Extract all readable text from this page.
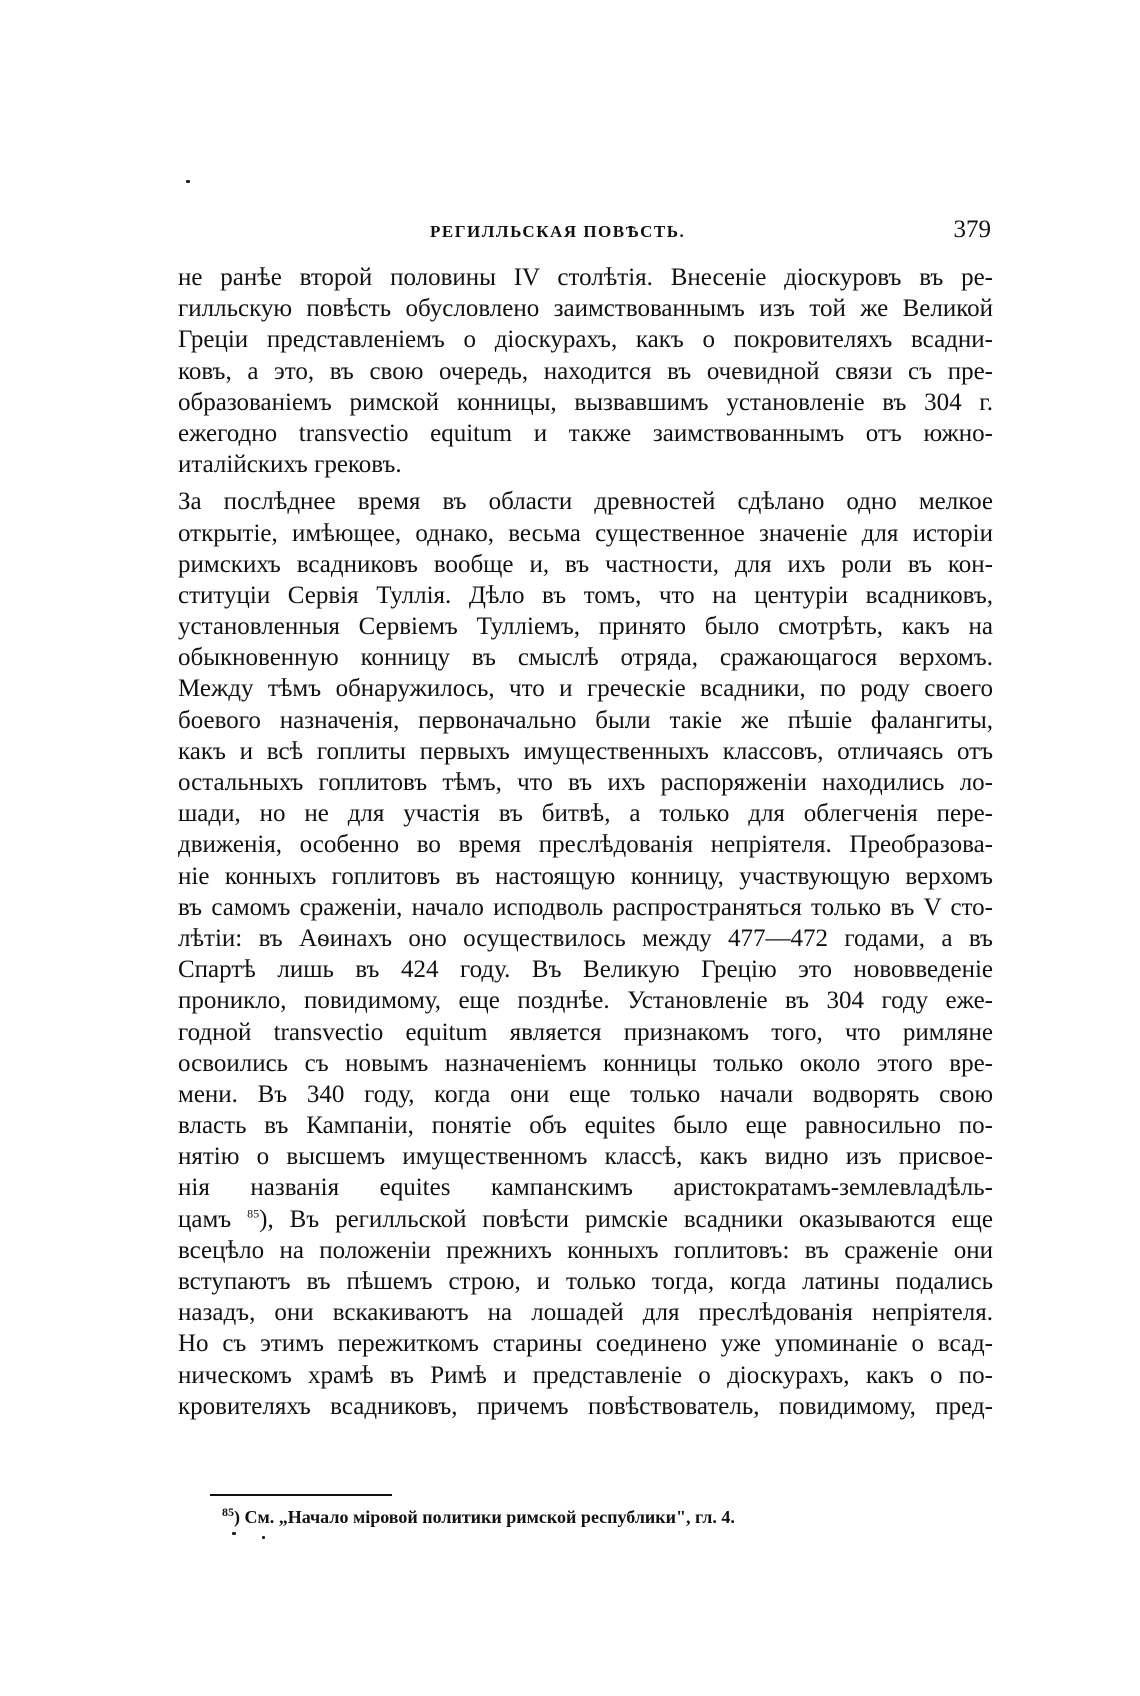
РЕГИЛЛЬСКАЯ ПОВѢСТЬ.	379
не ранѣе второй половины IV столѣтія. Внесеніе діоскуровъ въ ре-
гилльскую повѣсть обусловлено заимствованнымъ изъ той же Великой
Греціи представленіемъ о діоскурахъ, какъ о покровителяхъ всадни-
ковъ, а это, въ свою очередь, находится въ очевидной связи съ пре-
образованіемъ римской конницы, вызвавшимъ установленіе въ 304 г.
ежегодно transvectio equitum и также заимствованнымъ отъ южно-
италійскихъ грековъ.
За послѣднее время въ области древностей сдѣлано одно мелкое
открытіе, имѣющее, однако, весьма существенное значеніе для исторіи
римскихъ всадниковъ вообще и, въ частности, для ихъ роли въ кон-
ституціи Сервія Туллія. Дѣло въ томъ, что на центуріи всадниковъ,
установленныя Сервіемъ Тулліемъ, принято было смотрѣть, какъ на
обыкновенную конницу въ смыслѣ отряда, сражающагося верхомъ.
Между тѣмъ обнаружилось, что и греческіе всадники, по роду своего
боевого назначенія, первоначально были такіе же пѣшіе фалангиты,
какъ и всѣ гоплиты первыхъ имущественныхъ классовъ, отличаясь отъ
остальныхъ гоплитовъ тѣмъ, что въ ихъ распоряженіи находились ло-
шади, но не для участія въ битвѣ, а только для облегченія пере-
движенія, особенно во время преслѣдованія непріятеля. Преобразова-
ніе конныхъ гоплитовъ въ настоящую конницу, участвующую верхомъ
въ самомъ сраженіи, начало исподволь распространяться только въ V сто-
лѣтіи: въ Аѳинахъ оно осуществилось между 477—472 годами, а въ
Спартѣ лишь въ 424 году. Въ Великую Грецію это нововведеніе
проникло, повидимому, еще позднѣе. Установленіе въ 304 году еже-
годной transvectio equitum является признакомъ того, что римляне
освоились съ новымъ назначеніемъ конницы только около этого вре-
мени. Въ 340 году, когда они еще только начали водворять свою
власть въ Кампаніи, понятіе объ equites было еще равносильно по-
нятію о высшемъ имущественномъ классѣ, какъ видно изъ присвое-
нія названія equites кампанскимъ аристократамъ-землевладѣль-
цамъ $^{85}$), Въ регилльской повѣсти римскіе всадники оказываются еще
всецѣло на положеніи прежнихъ конныхъ гоплитовъ: въ сраженіе они
вступаютъ въ пѣшемъ строю, и только тогда, когда латины подались
назадъ, они вскакиваютъ на лошадей для преслѣдованія непріятеля.
Но съ этимъ пережиткомъ старины соединено уже упоминаніе о всад-
ническомъ храмѣ въ Римѣ и представленіе о діоскурахъ, какъ о по-
кровителяхъ всадниковъ, причемъ повѣствователь, повидимому, пред-
$^{85}$) См. „Начало міровой политики римской республики", гл. 4.
